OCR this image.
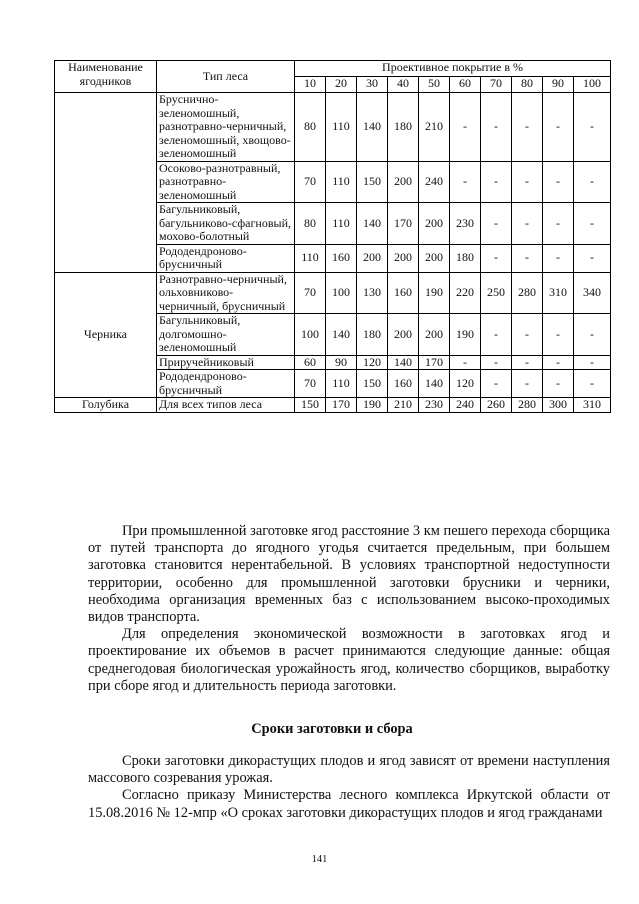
Наименование ягодников	Тип леса	Проективное покрытие в %									
		10	20	30	40	50	60	70	80	90	100
	Бруснично-зеленомошный, разнотравно-черничный, зеленомошный, хвощово-зеленомошный	80	110	140	180	210	-	-	-	-	-
	Осоково-разнотравный, разнотравно-зеленомошный	70	110	150	200	240	-	-	-	-	-
	Багульниковый, багульниково-сфагновый, мохово-болотный	80	110	140	170	200	230	-	-	-	-
	Рододендроново-брусничный	110	160	200	200	200	180	-	-	-	-
Черника	Разнотравно-черничный, ольховниково-черничный, брусничный	70	100	130	160	190	220	250	280	310	340
	Багульниковый, долгомошно-зеленомошный	100	140	180	200	200	190	-	-	-	-
	Приручейниковый	60	90	120	140	170	-	-	-	-	-
	Рододендроново-брусничный	70	110	150	160	140	120	-	-	-	-
Голубика	Для всех типов леса	150	170	190	210	230	240	260	280	300	310

При промышленной заготовке ягод расстояние 3 км пешего перехода сборщика от путей транспорта до ягодного угодья считается предельным, при большем заготовка становится нерентабельной. В условиях транспортной недоступности территории, особенно для промышленной заготовки брусники и черники, необходима организация временных баз с использованием высоко-проходимых видов транспорта.

Для определения экономической возможности в заготовках ягод и проектирование их объемов в расчет принимаются следующие данные: общая среднегодовая биологическая урожайность ягод, количество сборщиков, выработку при сборе ягод и длительность периода заготовки.

Сроки заготовки и сбора

Сроки заготовки дикорастущих плодов и ягод зависят от времени наступления массового созревания урожая.

Согласно приказу Министерства лесного комплекса Иркутской области от 15.08.2016 № 12-мпр «О сроках заготовки дикорастущих плодов и ягод гражданами

141
